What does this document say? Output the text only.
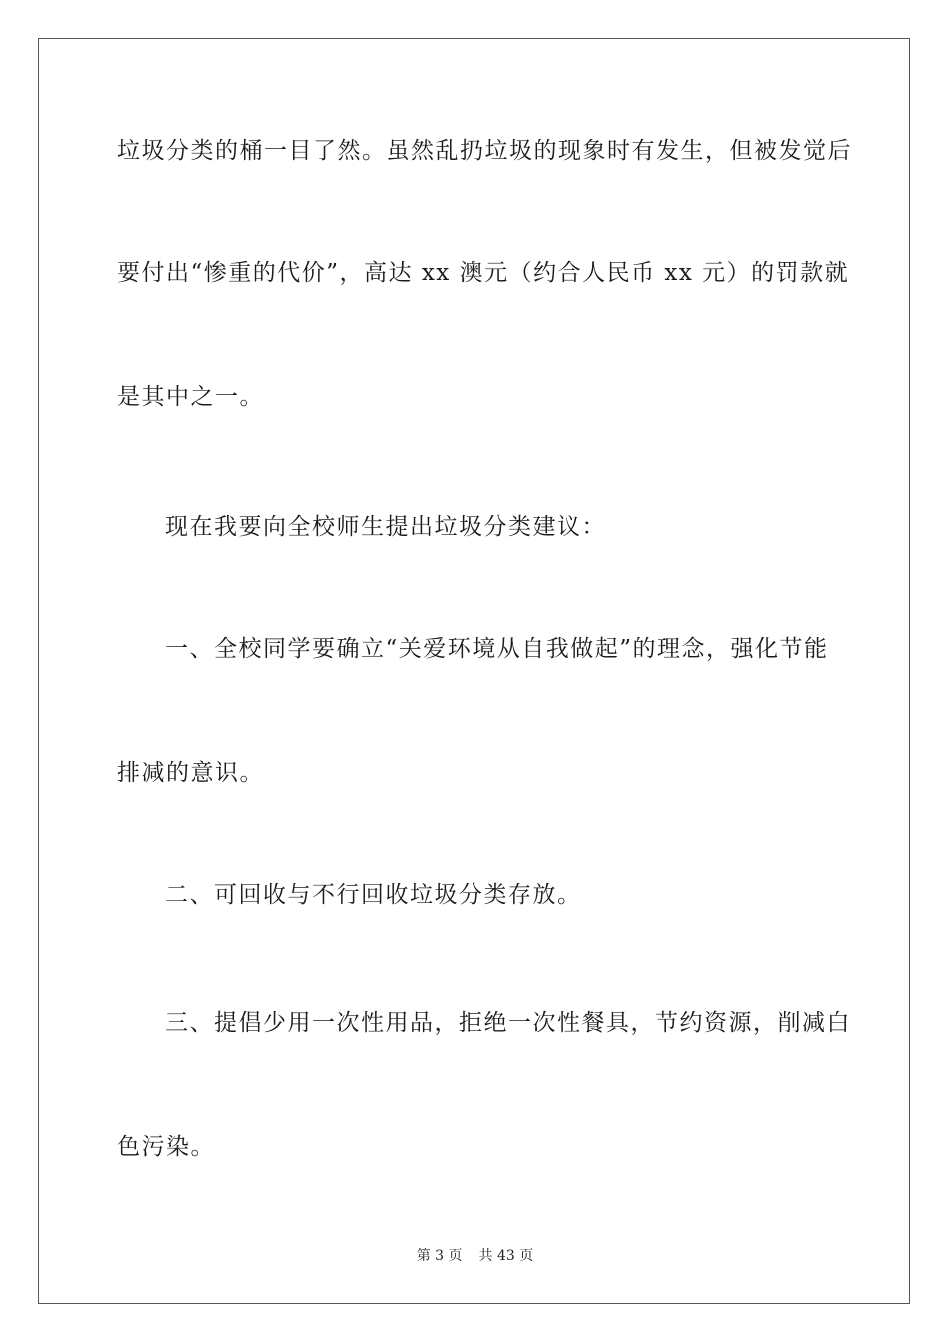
垃圾分类的桶一目了然。虽然乱扔垃圾的现象时有发生，但被发觉后
要付出“惨重的代价”，高达 xx 澳元（约合人民币 xx 元）的罚款就
是其中之一。
现在我要向全校师生提出垃圾分类建议：
一、全校同学要确立“关爱环境从自我做起”的理念，强化节能
排减的意识。
二、可回收与不行回收垃圾分类存放。
三、提倡少用一次性用品，拒绝一次性餐具，节约资源，削减白
色污染。
第 3 页 共 43 页
